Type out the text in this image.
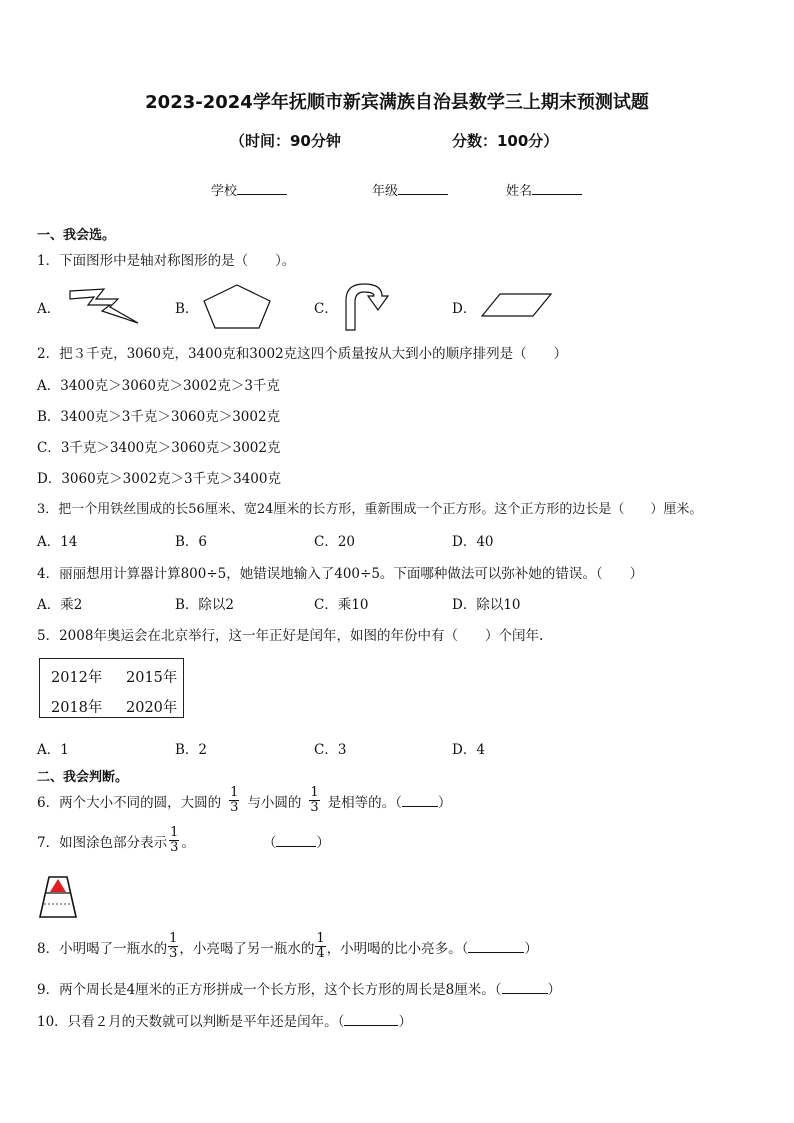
2023-2024学年抚顺市新宾满族自治县数学三上期末预测试题
（时间：90分钟	分数：100分）
学校	年级	姓名
一、我会选。
1．下面图形中是轴对称图形的是（　　）。
A．	B．	C．	D．
2．把３千克，3060克，3400克和3002克这四个质量按从大到小的顺序排列是（　　）
A．3400克＞3060克＞3002克＞3千克
B．3400克＞3千克＞3060克＞3002克
C．3千克＞3400克＞3060克＞3002克
D．3060克＞3002克＞3千克＞3400克
3．把一个用铁丝围成的长56厘米、宽24厘米的长方形，重新围成一个正方形。这个正方形的边长是（　　）厘米。
A．14	B．6	C．20	D．40
4．丽丽想用计算器计算800÷5，她错误地输入了400÷5。下面哪种做法可以弥补她的错误。（　　）
A．乘2	B．除以2	C．乘10	D．除以10
5．2008年奥运会在北京举行，这一年正好是闰年，如图的年份中有（　　）个闰年.
2012年 2015年
2018年 2020年
A．1	B．2	C．3	D．4
二、我会判断。
6．两个大小不同的圆，大圆的 $\frac{1}{3}$ 与小圆的 $\frac{1}{3}$ 是相等的。（	）
7．如图涂色部分表示 $\frac{1}{3}$ 。	（	）
8．小明喝了一瓶水的 $\frac{1}{3}$ ，小亮喝了另一瓶水的 $\frac{1}{4}$ ，小明喝的比小亮多。（	）
9．两个周长是4厘米的正方形拼成一个长方形，这个长方形的周长是8厘米。（	）
10．只看２月的天数就可以判断是平年还是闰年。（	）
